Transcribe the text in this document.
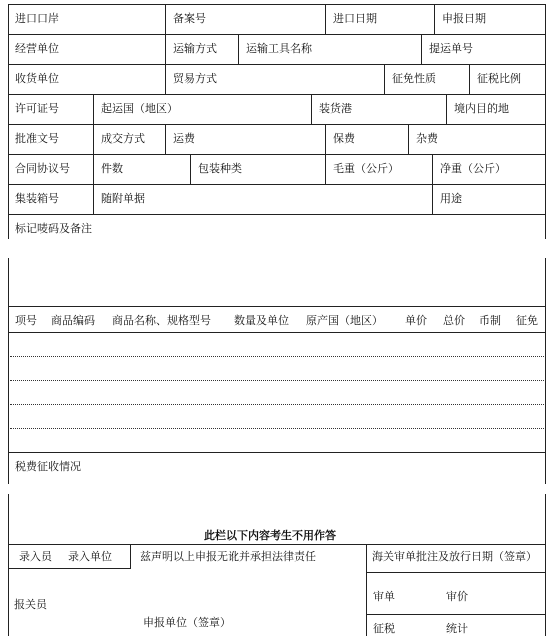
进口口岸	备案号	进口日期	申报日期
经营单位	运输方式	运输工具名称	提运单号
收货单位	贸易方式	征免性质	征税比例
许可证号	起运国（地区）	装货港	境内目的地
批准文号	成交方式	运费	保费	杂费
合同协议号	件数	包装种类	毛重（公斤）	净重（公斤）
集装箱号	随附单据	用途
标记唛码及备注
项号 商品编码 商品名称、规格型号 数量及单位 原产国（地区） 单价 总价 币制 征免
税费征收情况
此栏以下内容考生不用作答
录入员 录入单位	兹声明以上申报无讹并承担法律责任	海关审单批注及放行日期（签章）
报关员
审单	审价
申报单位（签章）	征税	统计
